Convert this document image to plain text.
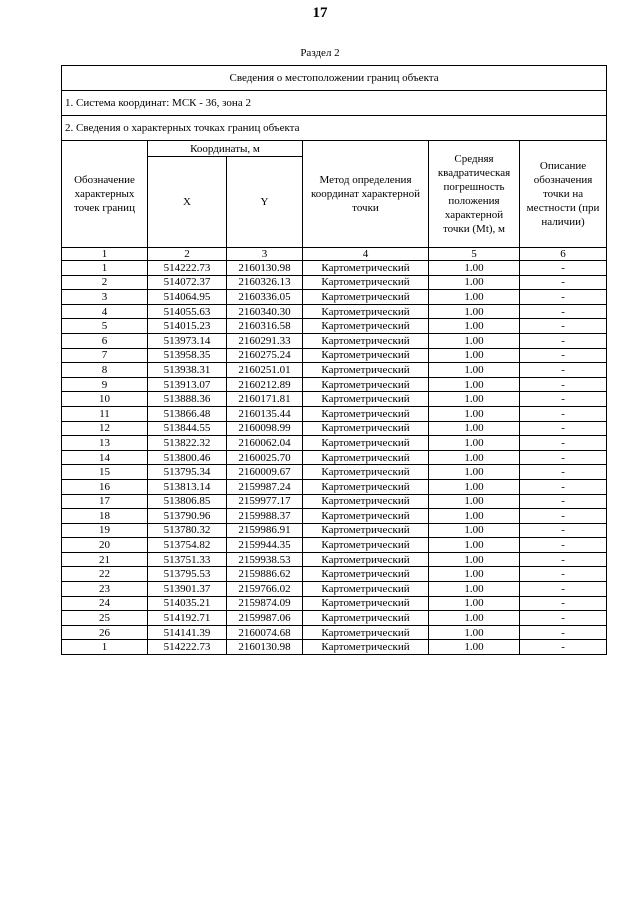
17
Раздел 2
Сведения о местоположении границ объекта					
1. Система координат: МСК - 36, зона 2					
2. Сведения о характерных точках границ объекта					
Обозначение характерных точек границ	Координаты, м		Метод определения координат характерной точки	Средняя квадратическая погрешность положения характерной точки (Mt), м	Описание обозначения точки на местности (при наличии)
	X	Y			
1	2	3	4	5	6
1	514222.73	2160130.98	Картометрический	1.00	-
2	514072.37	2160326.13	Картометрический	1.00	-
3	514064.95	2160336.05	Картометрический	1.00	-
4	514055.63	2160340.30	Картометрический	1.00	-
5	514015.23	2160316.58	Картометрический	1.00	-
6	513973.14	2160291.33	Картометрический	1.00	-
7	513958.35	2160275.24	Картометрический	1.00	-
8	513938.31	2160251.01	Картометрический	1.00	-
9	513913.07	2160212.89	Картометрический	1.00	-
10	513888.36	2160171.81	Картометрический	1.00	-
11	513866.48	2160135.44	Картометрический	1.00	-
12	513844.55	2160098.99	Картометрический	1.00	-
13	513822.32	2160062.04	Картометрический	1.00	-
14	513800.46	2160025.70	Картометрический	1.00	-
15	513795.34	2160009.67	Картометрический	1.00	-
16	513813.14	2159987.24	Картометрический	1.00	-
17	513806.85	2159977.17	Картометрический	1.00	-
18	513790.96	2159988.37	Картометрический	1.00	-
19	513780.32	2159986.91	Картометрический	1.00	-
20	513754.82	2159944.35	Картометрический	1.00	-
21	513751.33	2159938.53	Картометрический	1.00	-
22	513795.53	2159886.62	Картометрический	1.00	-
23	513901.37	2159766.02	Картометрический	1.00	-
24	514035.21	2159874.09	Картометрический	1.00	-
25	514192.71	2159987.06	Картометрический	1.00	-
26	514141.39	2160074.68	Картометрический	1.00	-
1	514222.73	2160130.98	Картометрический	1.00	-
